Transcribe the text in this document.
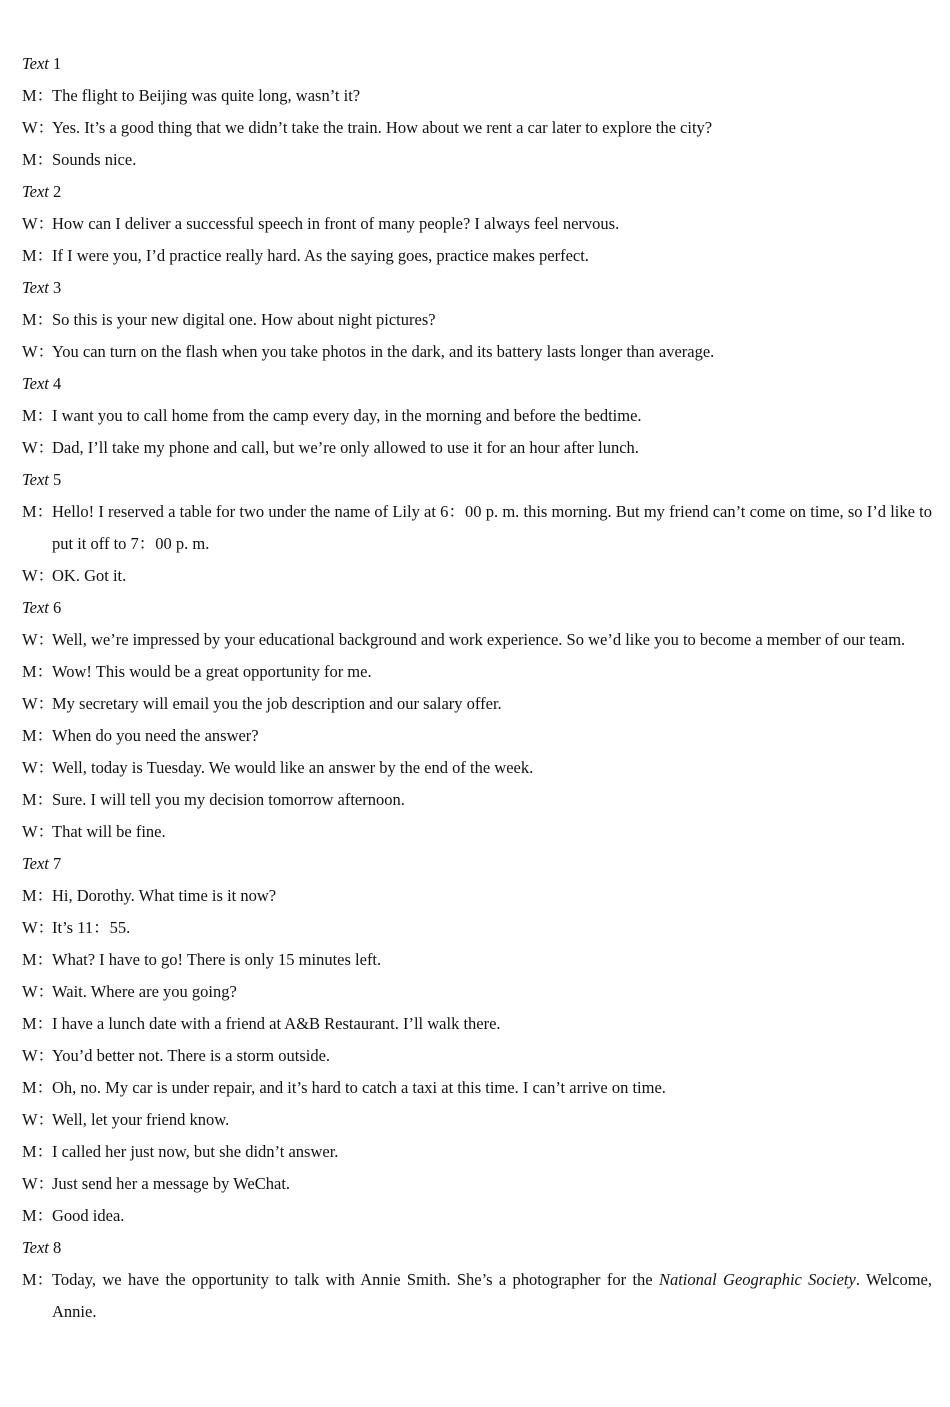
Text 1
M：
The flight to Beijing was quite long, wasn’t it?
W：
Yes. It’s a good thing that we didn’t take the train. How about we rent a car later to explore the city?
M：
Sounds nice.
Text 2
W：
How can I deliver a successful speech in front of many people? I always feel nervous.
M：
If I were you, I’d practice really hard. As the saying goes, practice makes perfect.
Text 3
M：
So this is your new digital one. How about night pictures?
W：
You can turn on the flash when you take photos in the dark, and its battery lasts longer than average.
Text 4
M：
I want you to call home from the camp every day, in the morning and before the bedtime.
W：
Dad, I’ll take my phone and call, but we’re only allowed to use it for an hour after lunch.
Text 5
M：
Hello! I reserved a table for two under the name of Lily at 6：00 p. m. this morning. But my friend can’t come on time, so I’d like to put it off to 7：00 p. m.
W：
OK. Got it.
Text 6
W：
Well, we’re impressed by your educational background and work experience. So we’d like you to become a member of our team.
M：
Wow! This would be a great opportunity for me.
W：
My secretary will email you the job description and our salary offer.
M：
When do you need the answer?
W：
Well, today is Tuesday. We would like an answer by the end of the week.
M：
Sure. I will tell you my decision tomorrow afternoon.
W：
That will be fine.
Text 7
M：
Hi, Dorothy. What time is it now?
W：
It’s 11：55.
M：
What? I have to go! There is only 15 minutes left.
W：
Wait. Where are you going?
M：
I have a lunch date with a friend at A&B Restaurant. I’ll walk there.
W：
You’d better not. There is a storm outside.
M：
Oh, no. My car is under repair, and it’s hard to catch a taxi at this time. I can’t arrive on time.
W：
Well, let your friend know.
M：
I called her just now, but she didn’t answer.
W：
Just send her a message by WeChat.
M：
Good idea.
Text 8
M：
Today, we have the opportunity to talk with Annie Smith. She’s a photographer for the National Geographic Society. Welcome, Annie.
